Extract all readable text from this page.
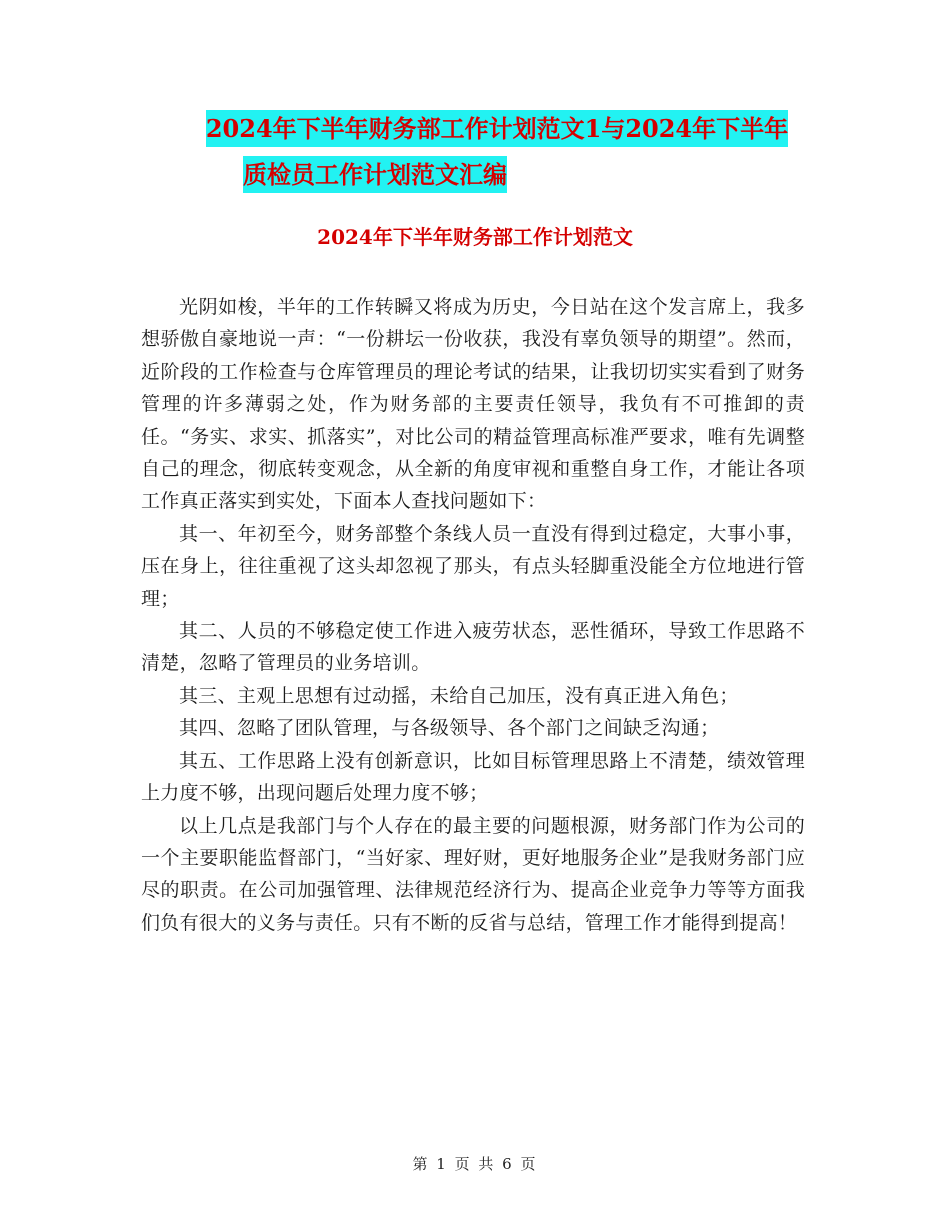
2024年下半年财务部工作计划范文1与2024年下半年
质检员工作计划范文汇编
2024年下半年财务部工作计划范文

光阴如梭，半年的工作转瞬又将成为历史，今日站在这个发言席上，我多想骄傲自豪地说一声：“一份耕坛一份收获，我没有辜负领导的期望”。然而，近阶段的工作检查与仓库管理员的理论考试的结果，让我切切实实看到了财务管理的许多薄弱之处，作为财务部的主要责任领导，我负有不可推卸的责任。“务实、求实、抓落实”，对比公司的精益管理高标准严要求，唯有先调整自己的理念，彻底转变观念，从全新的角度审视和重整自身工作，才能让各项工作真正落实到实处，下面本人查找问题如下：

其一、年初至今，财务部整个条线人员一直没有得到过稳定，大事小事，压在身上，往往重视了这头却忽视了那头，有点头轻脚重没能全方位地进行管理；

其二、人员的不够稳定使工作进入疲劳状态，恶性循环，导致工作思路不清楚，忽略了管理员的业务培训。

其三、主观上思想有过动摇，未给自己加压，没有真正进入角色；

其四、忽略了团队管理，与各级领导、各个部门之间缺乏沟通；

其五、工作思路上没有创新意识，比如目标管理思路上不清楚，绩效管理上力度不够，出现问题后处理力度不够；

以上几点是我部门与个人存在的最主要的问题根源，财务部门作为公司的一个主要职能监督部门，“当好家、理好财，更好地服务企业”是我财务部门应尽的职责。在公司加强管理、法律规范经济行为、提高企业竞争力等等方面我们负有很大的义务与责任。只有不断的反省与总结，管理工作才能得到提高！

第 1 页 共 6 页
